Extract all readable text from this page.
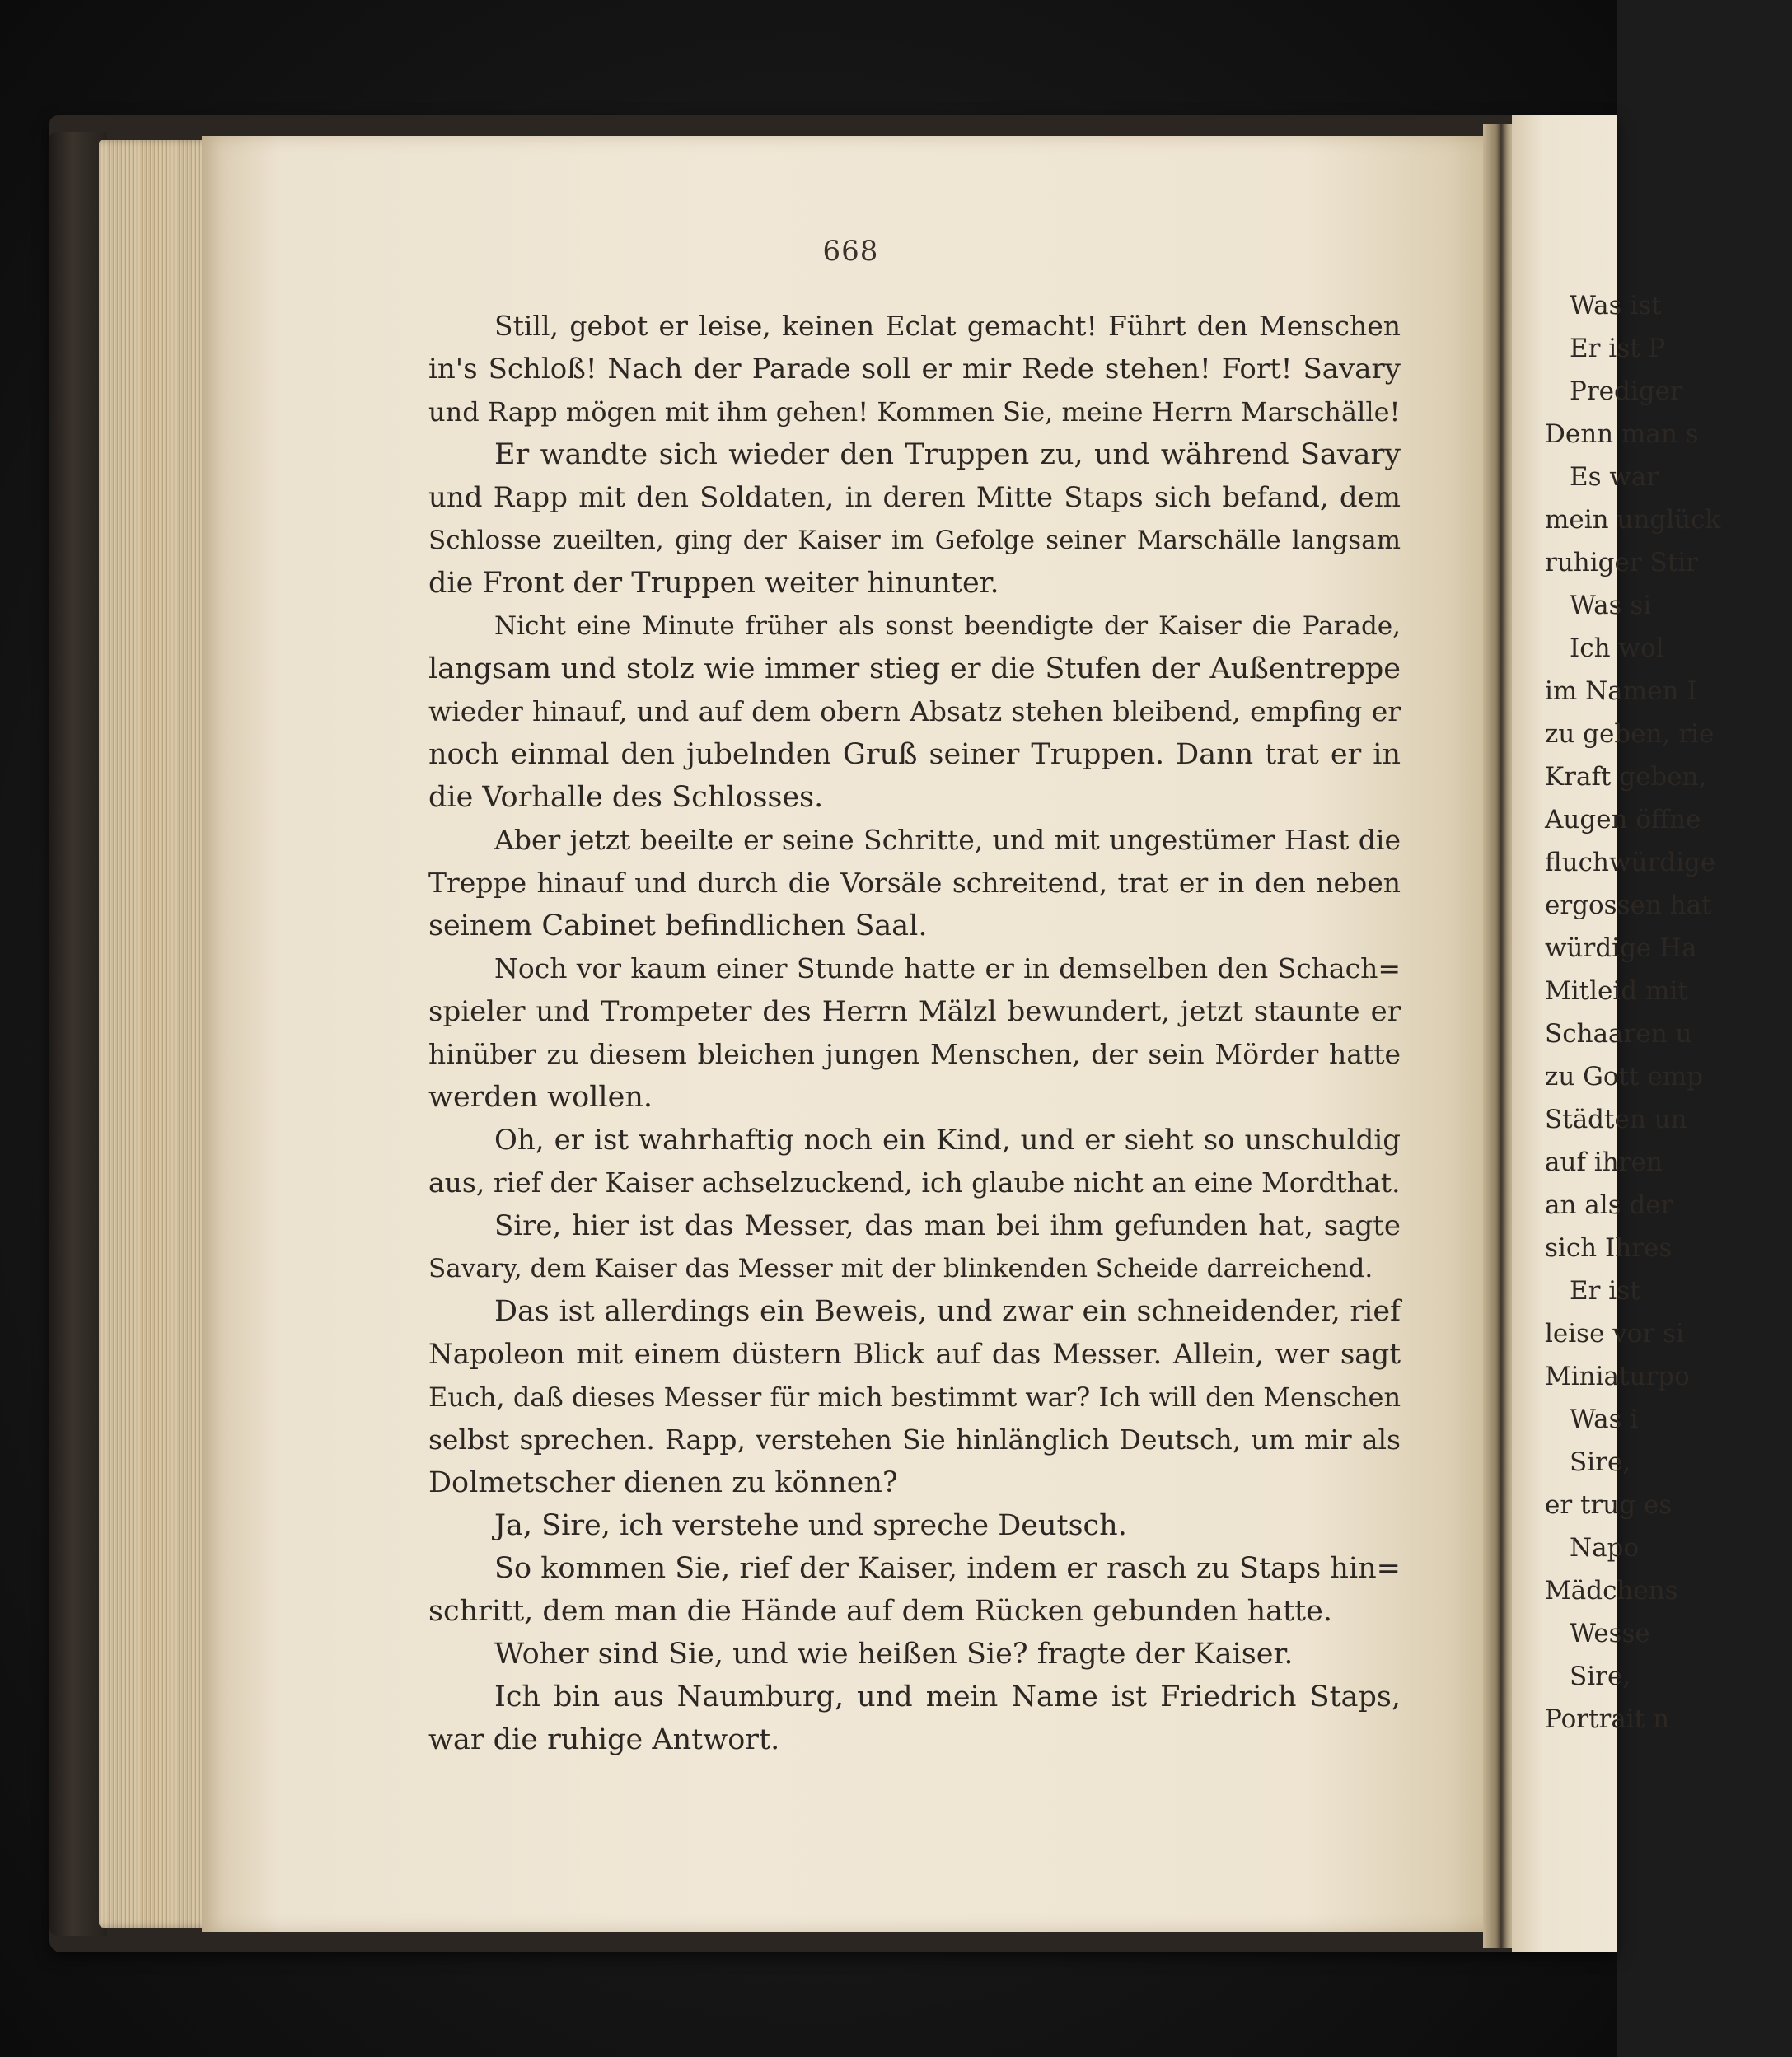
668
Still, gebot er leise, keinen Eclat gemacht! Führt den Menschen
in's Schloß! Nach der Parade soll er mir Rede stehen! Fort! Savary
und Rapp mögen mit ihm gehen! Kommen Sie, meine Herrn Marschälle!
Er wandte sich wieder den Truppen zu, und während Savary
und Rapp mit den Soldaten, in deren Mitte Staps sich befand, dem
Schlosse zueilten, ging der Kaiser im Gefolge seiner Marschälle langsam
die Front der Truppen weiter hinunter.
Nicht eine Minute früher als sonst beendigte der Kaiser die Parade,
langsam und stolz wie immer stieg er die Stufen der Außentreppe
wieder hinauf, und auf dem obern Absatz stehen bleibend, empfing er
noch einmal den jubelnden Gruß seiner Truppen. Dann trat er in
die Vorhalle des Schlosses.
Aber jetzt beeilte er seine Schritte, und mit ungestümer Hast die
Treppe hinauf und durch die Vorsäle schreitend, trat er in den neben
seinem Cabinet befindlichen Saal.
Noch vor kaum einer Stunde hatte er in demselben den Schach=
spieler und Trompeter des Herrn Mälzl bewundert, jetzt staunte er
hinüber zu diesem bleichen jungen Menschen, der sein Mörder hatte
werden wollen.
Oh, er ist wahrhaftig noch ein Kind, und er sieht so unschuldig
aus, rief der Kaiser achselzuckend, ich glaube nicht an eine Mordthat.
Sire, hier ist das Messer, das man bei ihm gefunden hat, sagte
Savary, dem Kaiser das Messer mit der blinkenden Scheide darreichend.
Das ist allerdings ein Beweis, und zwar ein schneidender, rief
Napoleon mit einem düstern Blick auf das Messer. Allein, wer sagt
Euch, daß dieses Messer für mich bestimmt war? Ich will den Menschen
selbst sprechen. Rapp, verstehen Sie hinlänglich Deutsch, um mir als
Dolmetscher dienen zu können?
Ja, Sire, ich verstehe und spreche Deutsch.
So kommen Sie, rief der Kaiser, indem er rasch zu Staps hin=
schritt, dem man die Hände auf dem Rücken gebunden hatte.
Woher sind Sie, und wie heißen Sie? fragte der Kaiser.
Ich bin aus Naumburg, und mein Name ist Friedrich Staps,
war die ruhige Antwort.
Was ist
Er ist P
Prediger
Denn man s
Es war
mein unglück
ruhiger Stir
Was si
Ich wol
im Namen I
zu geben, rie
Kraft geben,
Augen öffne
fluchwürdige
ergossen hat
würdige Ha
Mitleid mit
Schaaren u
zu Gott emp
Städten un
auf ihren
an als der
sich Ihres
Er ist
leise vor si
Miniaturpo
Was i
Sire,
er trug es
Napo
Mädchens
Wesse
Sire,
Portrait n
